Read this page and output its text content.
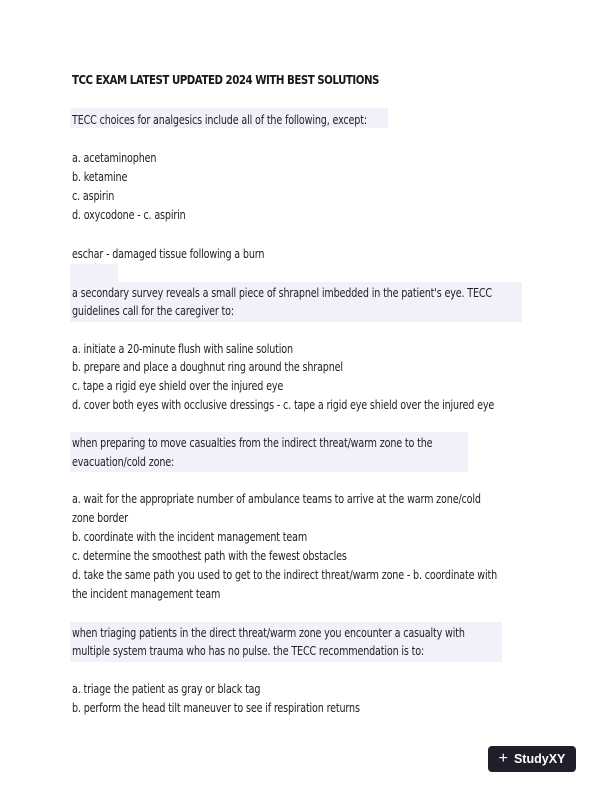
TCC EXAM LATEST UPDATED 2024 WITH BEST SOLUTIONS
TECC choices for analgesics include all of the following, except:
a. acetaminophen
b. ketamine
c. aspirin
d. oxycodone - c. aspirin
eschar - damaged tissue following a burn
a secondary survey reveals a small piece of shrapnel imbedded in the patient's eye. TECC
guidelines call for the caregiver to:
a. initiate a 20-minute flush with saline solution
b. prepare and place a doughnut ring around the shrapnel
c. tape a rigid eye shield over the injured eye
d. cover both eyes with occlusive dressings - c. tape a rigid eye shield over the injured eye
when preparing to move casualties from the indirect threat/warm zone to the
evacuation/cold zone:
a. wait for the appropriate number of ambulance teams to arrive at the warm zone/cold
zone border
b. coordinate with the incident management team
c. determine the smoothest path with the fewest obstacles
d. take the same path you used to get to the indirect threat/warm zone - b. coordinate with
the incident management team
when triaging patients in the direct threat/warm zone you encounter a casualty with
multiple system trauma who has no pulse. the TECC recommendation is to:
a. triage the patient as gray or black tag
b. perform the head tilt maneuver to see if respiration returns
+ StudyXY
